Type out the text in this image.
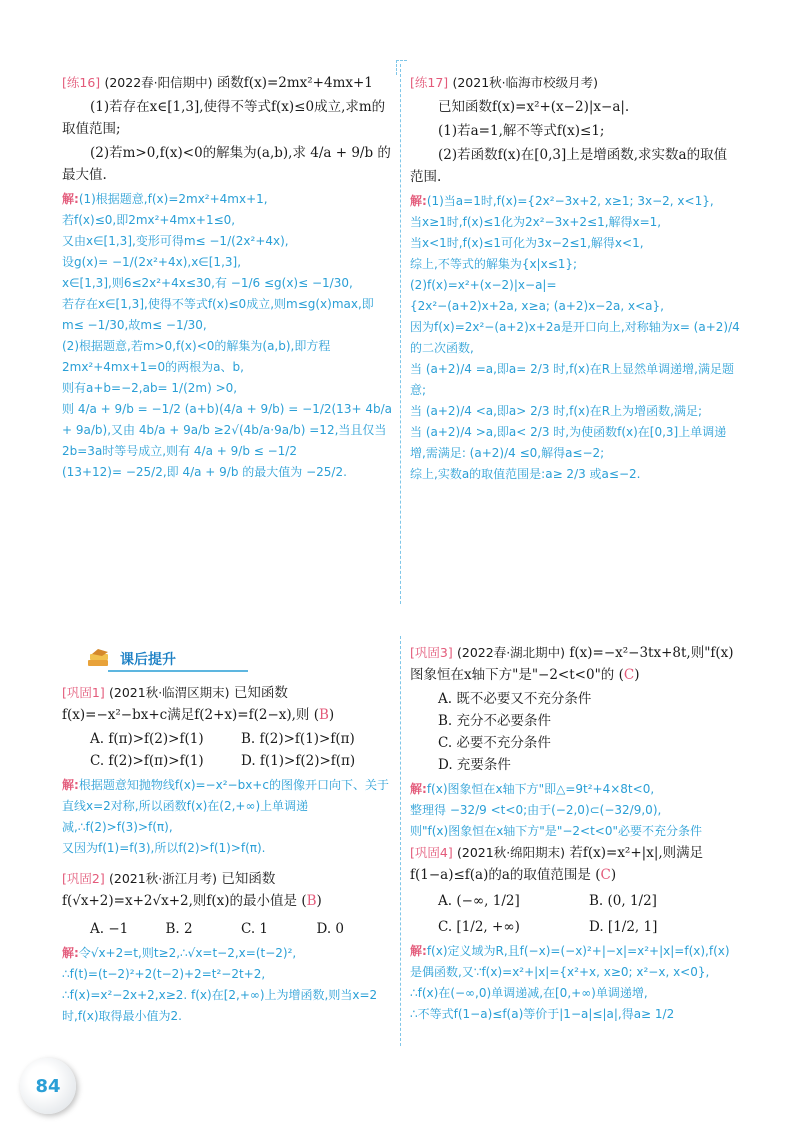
[练16] (2022春·阳信期中) 函数f(x)=2mx²+4mx+1

(1)若存在x∈[1,3],使得不等式f(x)≤0成立,求m的取值范围;

(2)若m>0,f(x)<0的解集为(a,b),求 4/a + 9/b 的最大值.

解:(1)根据题意,f(x)=2mx²+4mx+1,

若f(x)≤0,即2mx²+4mx+1≤0,

又由x∈[1,3],变形可得m≤ −1/(2x²+4x),

设g(x)= −1/(2x²+4x),x∈[1,3],

x∈[1,3],则6≤2x²+4x≤30,有 −1/6 ≤g(x)≤ −1/30,

若存在x∈[1,3],使得不等式f(x)≤0成立,则m≤g(x)max,即m≤ −1/30,故m≤ −1/30,

(2)根据题意,若m>0,f(x)<0的解集为(a,b),即方程2mx²+4mx+1=0的两根为a、b,

则有a+b=−2,ab= 1/(2m) >0,

则 4/a + 9/b = −1/2 (a+b)(4/a + 9/b) = −1/2(13+ 4b/a + 9a/b),又由 4b/a + 9a/b ≥2√(4b/a·9a/b) =12,当且仅当2b=3a时等号成立,则有 4/a + 9/b ≤ −1/2

(13+12)= −25/2,即 4/a + 9/b 的最大值为 −25/2.

[练17] (2021秋·临海市校级月考)

已知函数f(x)=x²+(x−2)|x−a|.

(1)若a=1,解不等式f(x)≤1;

(2)若函数f(x)在[0,3]上是增函数,求实数a的取值范围.

解:(1)当a=1时,f(x)={2x²−3x+2, x≥1; 3x−2, x<1},

当x≥1时,f(x)≤1化为2x²−3x+2≤1,解得x=1,

当x<1时,f(x)≤1可化为3x−2≤1,解得x<1,

综上,不等式的解集为{x|x≤1};

(2)f(x)=x²+(x−2)|x−a|=

{2x²−(a+2)x+2a, x≥a; (a+2)x−2a, x<a},

因为f(x)=2x²−(a+2)x+2a是开口向上,对称轴为x= (a+2)/4 的二次函数,

当 (a+2)/4 =a,即a= 2/3 时,f(x)在R上显然单调递增,满足题意;

当 (a+2)/4 <a,即a> 2/3 时,f(x)在R上为增函数,满足;

当 (a+2)/4 >a,即a< 2/3 时,为使函数f(x)在[0,3]上单调递增,需满足: (a+2)/4 ≤0,解得a≤−2;

综上,实数a的取值范围是:a≥ 2/3 或a≤−2.

课后提升

[巩固1] (2021秋·临渭区期末) 已知函数f(x)=−x²−bx+c满足f(2+x)=f(2−x),则 (B)

A. f(π)>f(2)>f(1)	B. f(2)>f(1)>f(π)
C. f(2)>f(π)>f(1)	D. f(1)>f(2)>f(π)

解:根据题意知抛物线f(x)=−x²−bx+c的图像开口向下、关于直线x=2对称,所以函数f(x)在(2,+∞)上单调递减,∴f(2)>f(3)>f(π),

又因为f(1)=f(3),所以f(2)>f(1)>f(π).

[巩固2] (2021秋·浙江月考) 已知函数f(√x+2)=x+2√x+2,则f(x)的最小值是 (B)

A. −1	B. 2	C. 1	D. 0

解:令√x+2=t,则t≥2,∴√x=t−2,x=(t−2)²,

∴f(t)=(t−2)²+2(t−2)+2=t²−2t+2,

∴f(x)=x²−2x+2,x≥2. f(x)在[2,+∞)上为增函数,则当x=2时,f(x)取得最小值为2.

[巩固3] (2022春·湖北期中) f(x)=−x²−3tx+8t,则"f(x)图象恒在x轴下方"是"−2<t<0"的 (C)

A. 既不必要又不充分条件

B. 充分不必要条件

C. 必要不充分条件

D. 充要条件

解:f(x)图象恒在x轴下方"即△=9t²+4×8t<0,

整理得 −32/9 <t<0;由于(−2,0)⊂(−32/9,0),

则"f(x)图象恒在x轴下方"是"−2<t<0"必要不充分条件

[巩固4] (2021秋·绵阳期末) 若f(x)=x²+|x|,则满足f(1−a)≤f(a)的a的取值范围是 (C)

A. (−∞, 1/2]	B. (0, 1/2]
C. [1/2, +∞)	D. [1/2, 1]

解:f(x)定义域为R,且f(−x)=(−x)²+|−x|=x²+|x|=f(x),f(x)是偶函数,又∵f(x)=x²+|x|={x²+x, x≥0; x²−x, x<0},

∴f(x)在(−∞,0)单调递减,在[0,+∞)单调递增,

∴不等式f(1−a)≤f(a)等价于|1−a|≤|a|,得a≥ 1/2

84
